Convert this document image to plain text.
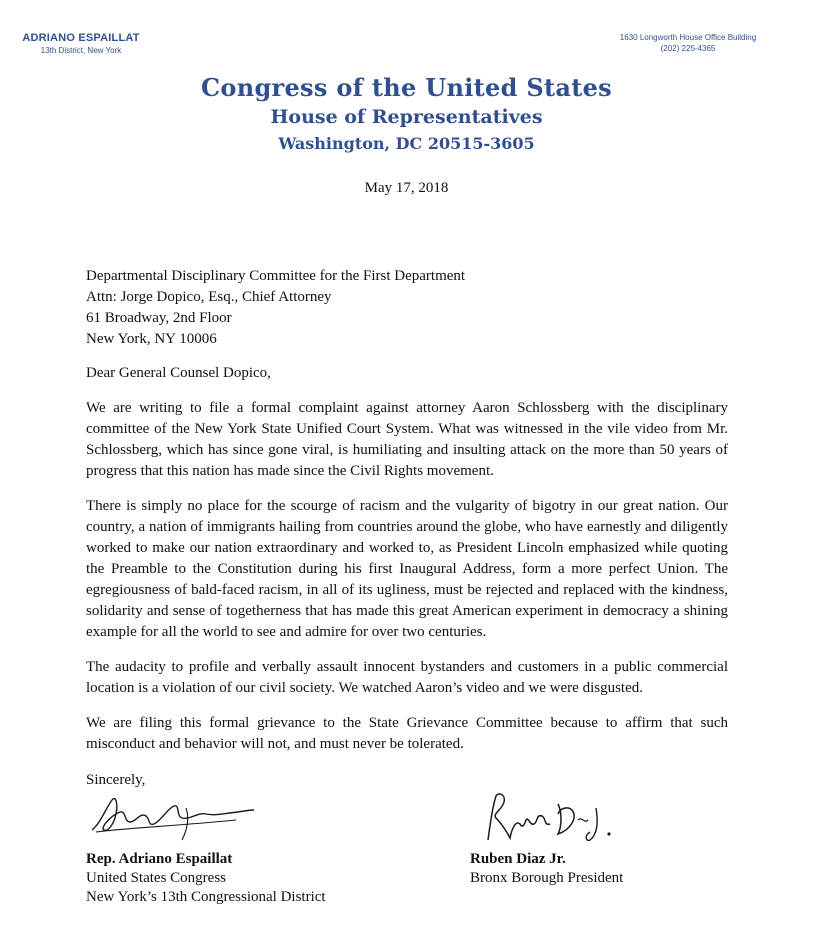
ADRIANO ESPAILLAT
13th District, New York
1630 Longworth House Office Building
(202) 225-4365
Congress of the United States
House of Representatives
Washington, DC 20515-3605
May 17, 2018
Departmental Disciplinary Committee for the First Department
Attn: Jorge Dopico, Esq., Chief Attorney
61 Broadway, 2nd Floor
New York, NY 10006
Dear General Counsel Dopico,

We are writing to file a formal complaint against attorney Aaron Schlossberg with the disciplinary committee of the New York State Unified Court System. What was witnessed in the vile video from Mr. Schlossberg, which has since gone viral, is humiliating and insulting attack on the more than 50 years of progress that this nation has made since the Civil Rights movement.

There is simply no place for the scourge of racism and the vulgarity of bigotry in our great nation. Our country, a nation of immigrants hailing from countries around the globe, who have earnestly and diligently worked to make our nation extraordinary and worked to, as President Lincoln emphasized while quoting the Preamble to the Constitution during his first Inaugural Address, form a more perfect Union. The egregiousness of bald-faced racism, in all of its ugliness, must be rejected and replaced with the kindness, solidarity and sense of togetherness that has made this great American experiment in democracy a shining example for all the world to see and admire for over two centuries.

The audacity to profile and verbally assault innocent bystanders and customers in a public commercial location is a violation of our civil society. We watched Aaron’s video and we were disgusted.

We are filing this formal grievance to the State Grievance Committee because to affirm that such misconduct and behavior will not, and must never be tolerated.

Sincerely,
Rep. Adriano Espaillat
United States Congress
New York’s 13th Congressional District
Ruben Diaz Jr.
Bronx Borough President
